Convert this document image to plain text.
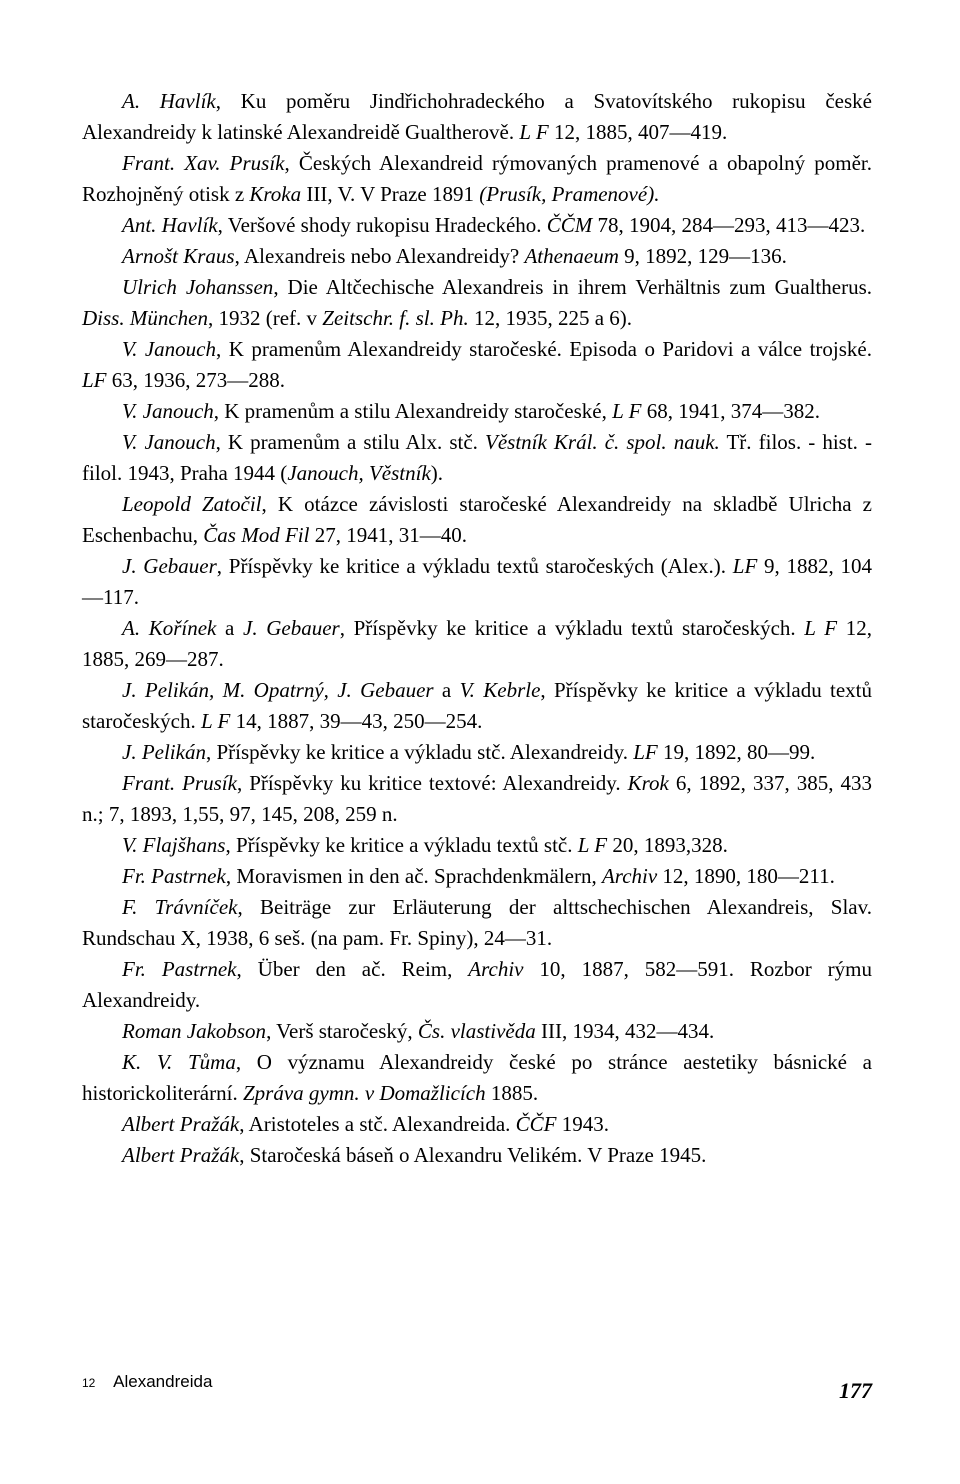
A. Havlík, Ku poměru Jindřichohradeckého a Svatovítského rukopisu české Alexandreidy k latinské Alexandreidě Gualtherově. L F 12, 1885, 407—419.

Frant. Xav. Prusík, Českých Alexandreid rýmovaných pramenové a obapolný poměr. Rozhojněný otisk z Kroka III, V. V Praze 1891 (Prusík, Pramenové).

Ant. Havlík, Veršové shody rukopisu Hradeckého. ČČM 78, 1904, 284—293, 413—423.

Arnošt Kraus, Alexandreis nebo Alexandreidy? Athenaeum 9, 1892, 129—136.

Ulrich Johanssen, Die Altčechische Alexandreis in ihrem Verhältnis zum Gualtherus. Diss. München, 1932 (ref. v Zeitschr. f. sl. Ph. 12, 1935, 225 a 6).

V. Janouch, K pramenům Alexandreidy staročeské. Episoda o Paridovi a válce trojské. LF 63, 1936, 273—288.

V. Janouch, K pramenům a stilu Alexandreidy staročeské, L F 68, 1941, 374—382.

V. Janouch, K pramenům a stilu Alx. stč. Věstník Král. č. spol. nauk. Tř. filos. - hist. - filol. 1943, Praha 1944 (Janouch, Věstník).

Leopold Zatočil, K otázce závislosti staročeské Alexandreidy na skladbě Ulricha z Eschenbachu, Čas Mod Fil 27, 1941, 31—40.

J. Gebauer, Příspěvky ke kritice a výkladu textů staročeských (Alex.). LF 9, 1882, 104—117.

A. Kořínek a J. Gebauer, Příspěvky ke kritice a výkladu textů staročeských. L F 12, 1885, 269—287.

J. Pelikán, M. Opatrný, J. Gebauer a V. Kebrle, Příspěvky ke kritice a výkladu textů staročeských. L F 14, 1887, 39—43, 250—254.

J. Pelikán, Příspěvky ke kritice a výkladu stč. Alexandreidy. LF 19, 1892, 80—99.

Frant. Prusík, Příspěvky ku kritice textové: Alexandreidy. Krok 6, 1892, 337, 385, 433 n.; 7, 1893, 1,55, 97, 145, 208, 259 n.

V. Flajšhans, Příspěvky ke kritice a výkladu textů stč. L F 20, 1893,328.

Fr. Pastrnek, Moravismen in den ač. Sprachdenkmälern, Archiv 12, 1890, 180—211.

F. Trávníček, Beiträge zur Erläuterung der alttschechischen Alexandreis, Slav. Rundschau X, 1938, 6 seš. (na pam. Fr. Spiny), 24—31.

Fr. Pastrnek, Über den ač. Reim, Archiv 10, 1887, 582—591. Rozbor rýmu Alexandreidy.

Roman Jakobson, Verš staročeský, Čs. vlastivěda III, 1934, 432—434.

K. V. Tůma, O významu Alexandreidy české po stránce aestetiky básnické a historickoliterární. Zpráva gymn. v Domažlicích 1885.

Albert Pražák, Aristoteles a stč. Alexandreida. ČČF 1943.

Albert Pražák, Staročeská báseň o Alexandru Velikém. V Praze 1945.

12 Alexandreida	177
